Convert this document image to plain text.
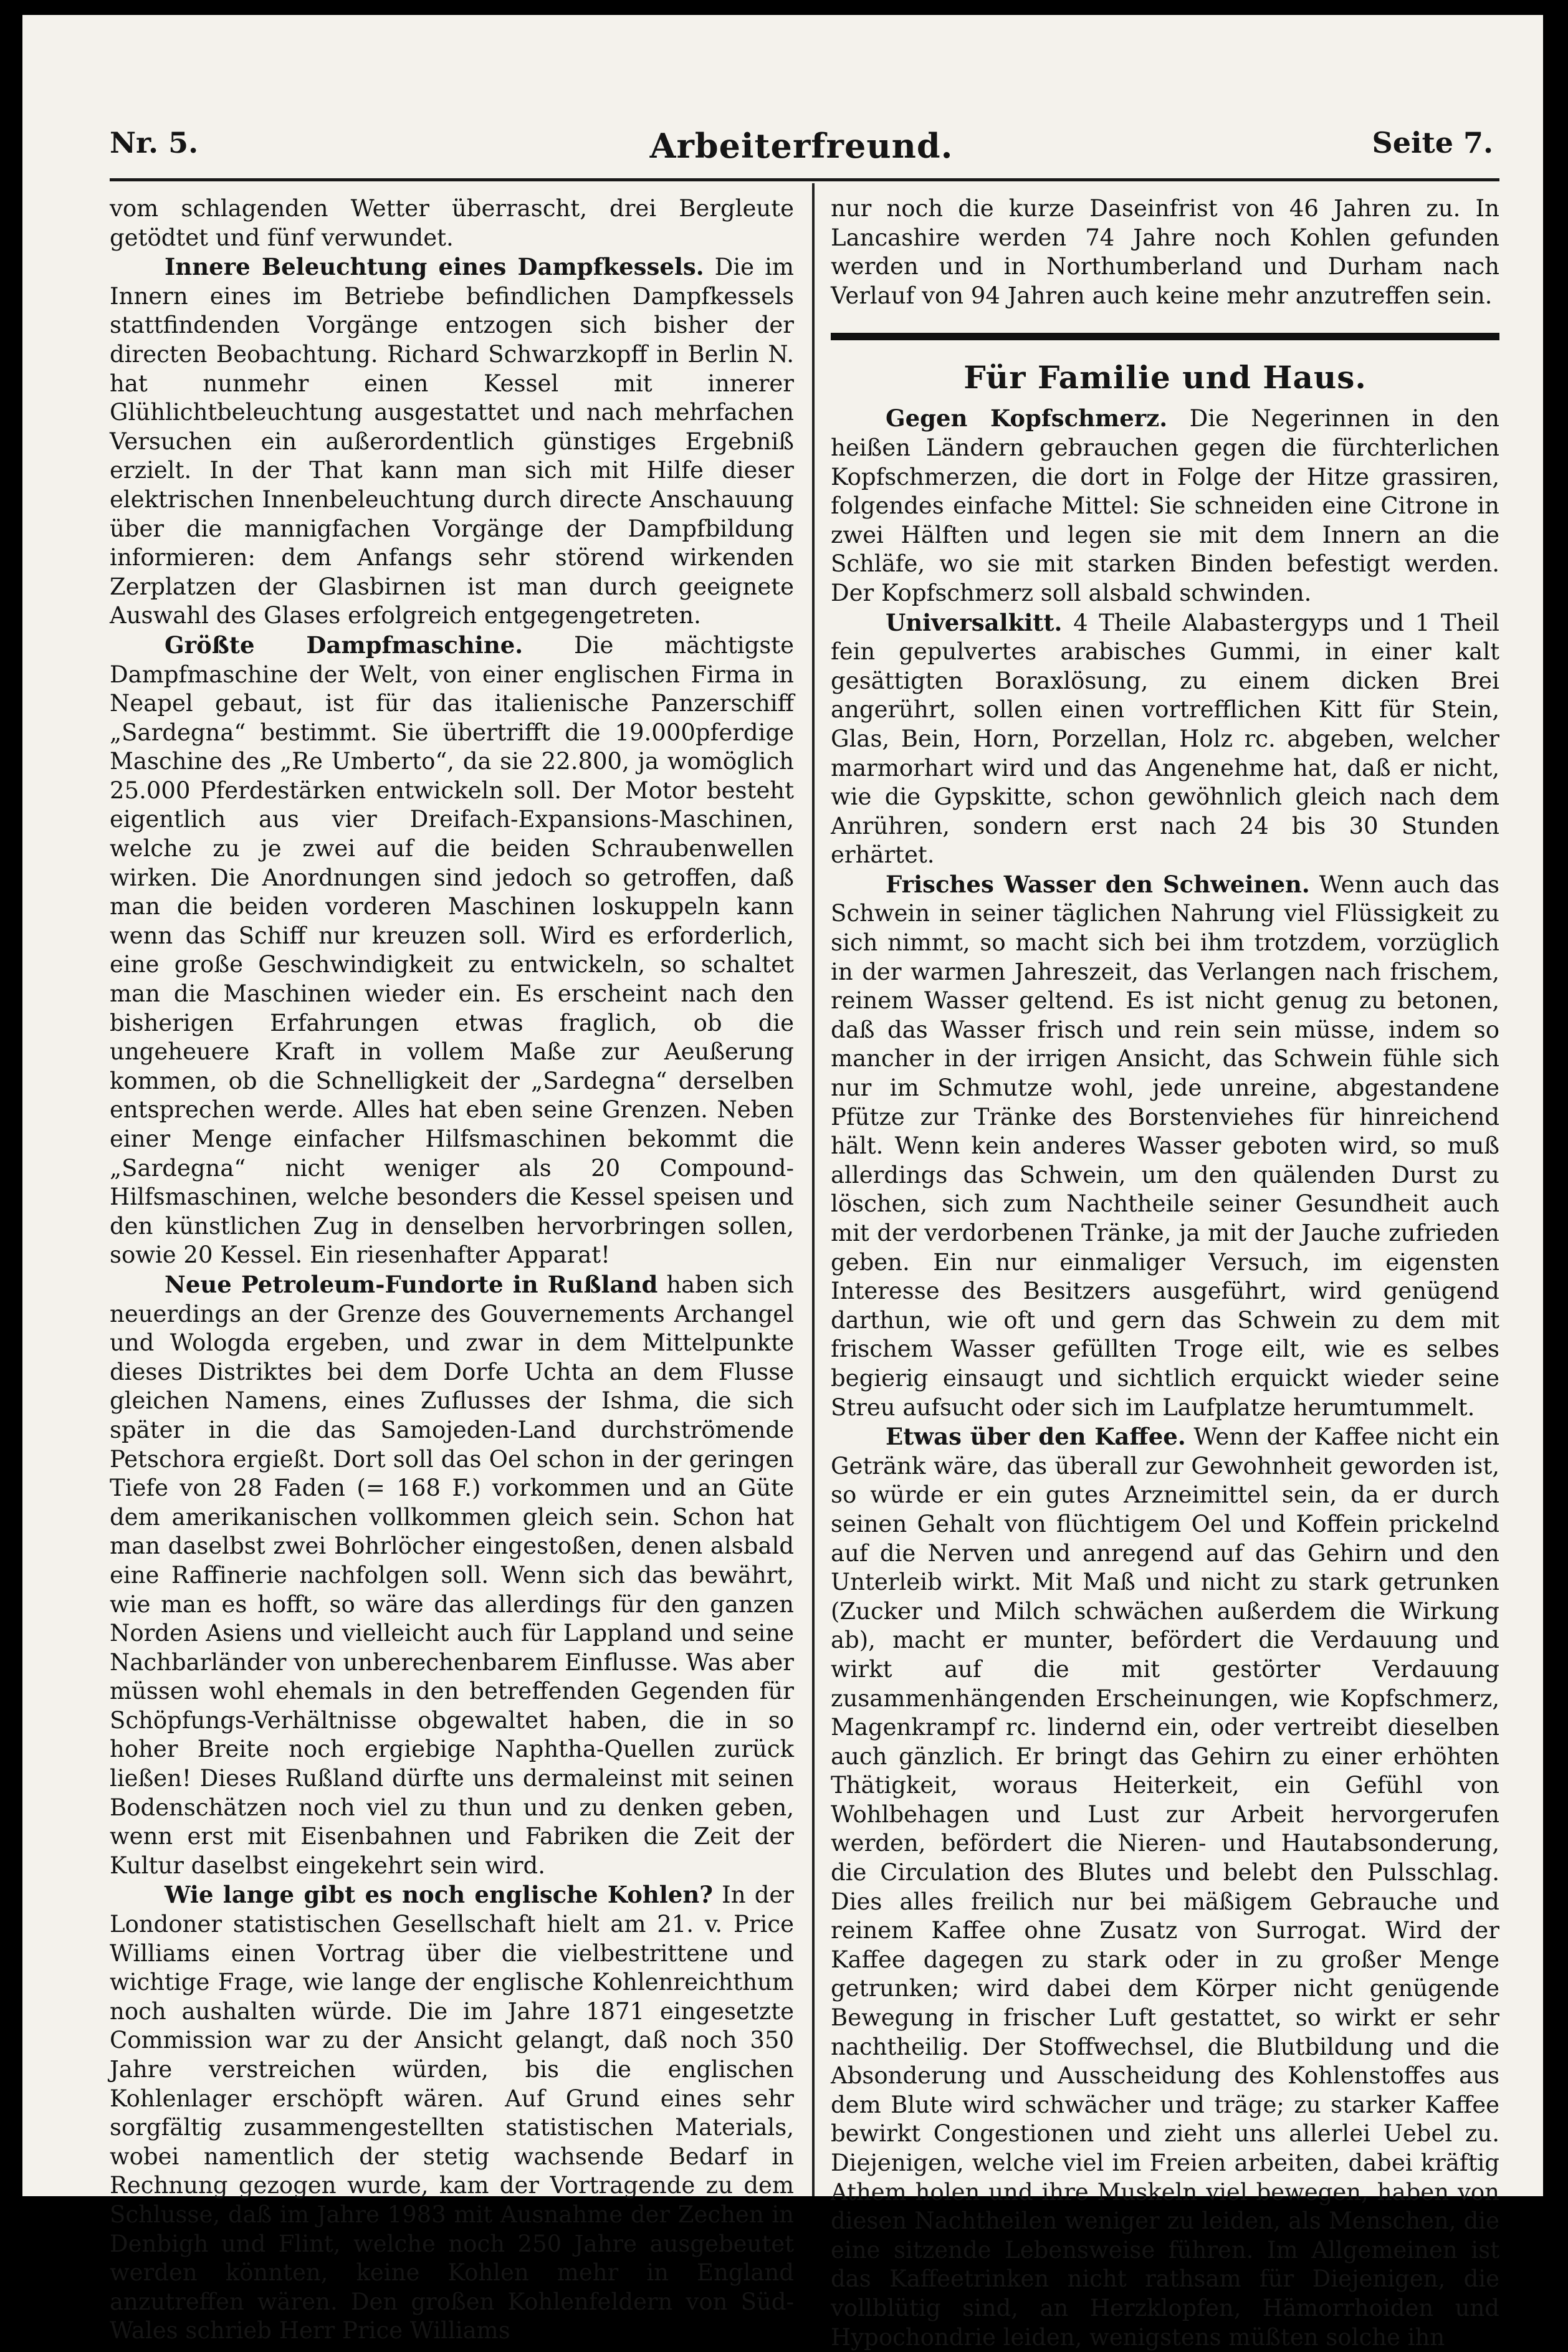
Nr. 5.	Arbeiterfreund.	Seite 7.

vom schlagenden Wetter überrascht, drei Bergleute getödtet und fünf verwundet.

Innere Beleuchtung eines Dampfkessels. Die im Innern eines im Betriebe befindlichen Dampfkessels stattfindenden Vorgänge entzogen sich bisher der directen Beobachtung. Richard Schwarzkopff in Berlin N. hat nunmehr einen Kessel mit innerer Glühlichtbeleuchtung ausgestattet und nach mehrfachen Versuchen ein außerordentlich günstiges Ergebniß erzielt. In der That kann man sich mit Hilfe dieser elektrischen Innenbeleuchtung durch directe Anschauung über die mannigfachen Vorgänge der Dampfbildung informieren: dem Anfangs sehr störend wirkenden Zerplatzen der Glasbirnen ist man durch geeignete Auswahl des Glases erfolgreich entgegengetreten.

Größte Dampfmaschine. Die mächtigste Dampfmaschine der Welt, von einer englischen Firma in Neapel gebaut, ist für das italienische Panzerschiff „Sardegna“ bestimmt. Sie übertrifft die 19.000pferdige Maschine des „Re Umberto“, da sie 22.800, ja womöglich 25.000 Pferdestärken entwickeln soll. Der Motor besteht eigentlich aus vier Dreifach-Expansions-Maschinen, welche zu je zwei auf die beiden Schraubenwellen wirken. Die Anordnungen sind jedoch so getroffen, daß man die beiden vorderen Maschinen loskuppeln kann wenn das Schiff nur kreuzen soll. Wird es erforderlich, eine große Geschwindigkeit zu entwickeln, so schaltet man die Maschinen wieder ein. Es erscheint nach den bisherigen Erfahrungen etwas fraglich, ob die ungeheuere Kraft in vollem Maße zur Aeußerung kommen, ob die Schnelligkeit der „Sardegna“ derselben entsprechen werde. Alles hat eben seine Grenzen. Neben einer Menge einfacher Hilfsmaschinen bekommt die „Sardegna“ nicht weniger als 20 Compound-Hilfsmaschinen, welche besonders die Kessel speisen und den künstlichen Zug in denselben hervorbringen sollen, sowie 20 Kessel. Ein riesenhafter Apparat!

Neue Petroleum-Fundorte in Rußland haben sich neuerdings an der Grenze des Gouvernements Archangel und Wologda ergeben, und zwar in dem Mittelpunkte dieses Distriktes bei dem Dorfe Uchta an dem Flusse gleichen Namens, eines Zuflusses der Ishma, die sich später in die das Samojeden-Land durchströmende Petschora ergießt. Dort soll das Oel schon in der geringen Tiefe von 28 Faden (= 168 F.) vorkommen und an Güte dem amerikanischen vollkommen gleich sein. Schon hat man daselbst zwei Bohrlöcher eingestoßen, denen alsbald eine Raffinerie nachfolgen soll. Wenn sich das bewährt, wie man es hofft, so wäre das allerdings für den ganzen Norden Asiens und vielleicht auch für Lappland und seine Nachbarländer von unberechenbarem Einflusse. Was aber müssen wohl ehemals in den betreffenden Gegenden für Schöpfungs-Verhältnisse obgewaltet haben, die in so hoher Breite noch ergiebige Naphtha-Quellen zurück ließen! Dieses Rußland dürfte uns dermaleinst mit seinen Bodenschätzen noch viel zu thun und zu denken geben, wenn erst mit Eisenbahnen und Fabriken die Zeit der Kultur daselbst eingekehrt sein wird.

Wie lange gibt es noch englische Kohlen? In der Londoner statistischen Gesellschaft hielt am 21. v. Price Williams einen Vortrag über die vielbestrittene und wichtige Frage, wie lange der englische Kohlenreichthum noch aushalten würde. Die im Jahre 1871 eingesetzte Commission war zu der Ansicht gelangt, daß noch 350 Jahre verstreichen würden, bis die englischen Kohlenlager erschöpft wären. Auf Grund eines sehr sorgfältig zusammengestellten statistischen Materials, wobei namentlich der stetig wachsende Bedarf in Rechnung gezogen wurde, kam der Vortragende zu dem Schlusse, daß im Jahre 1983 mit Ausnahme der Zechen in Denbigh und Flint, welche noch 250 Jahre ausgebeutet werden könnten, keine Kohlen mehr in England anzutreffen wären. Den großen Kohlenfeldern von Süd-Wales schrieb Herr Price Williams

nur noch die kurze Daseinfrist von 46 Jahren zu. In Lancashire werden 74 Jahre noch Kohlen gefunden werden und in Northumberland und Durham nach Verlauf von 94 Jahren auch keine mehr anzutreffen sein.

Für Familie und Haus.

Gegen Kopfschmerz. Die Negerinnen in den heißen Ländern gebrauchen gegen die fürchterlichen Kopfschmerzen, die dort in Folge der Hitze grassiren, folgendes einfache Mittel: Sie schneiden eine Citrone in zwei Hälften und legen sie mit dem Innern an die Schläfe, wo sie mit starken Binden befestigt werden. Der Kopfschmerz soll alsbald schwinden.

Universalkitt. 4 Theile Alabastergyps und 1 Theil fein gepulvertes arabisches Gummi, in einer kalt gesättigten Boraxlösung, zu einem dicken Brei angerührt, sollen einen vortrefflichen Kitt für Stein, Glas, Bein, Horn, Porzellan, Holz rc. abgeben, welcher marmorhart wird und das Angenehme hat, daß er nicht, wie die Gypskitte, schon gewöhnlich gleich nach dem Anrühren, sondern erst nach 24 bis 30 Stunden erhärtet.

Frisches Wasser den Schweinen. Wenn auch das Schwein in seiner täglichen Nahrung viel Flüssigkeit zu sich nimmt, so macht sich bei ihm trotzdem, vorzüglich in der warmen Jahreszeit, das Verlangen nach frischem, reinem Wasser geltend. Es ist nicht genug zu betonen, daß das Wasser frisch und rein sein müsse, indem so mancher in der irrigen Ansicht, das Schwein fühle sich nur im Schmutze wohl, jede unreine, abgestandene Pfütze zur Tränke des Borstenviehes für hinreichend hält. Wenn kein anderes Wasser geboten wird, so muß allerdings das Schwein, um den quälenden Durst zu löschen, sich zum Nachtheile seiner Gesundheit auch mit der verdorbenen Tränke, ja mit der Jauche zufrieden geben. Ein nur einmaliger Versuch, im eigensten Interesse des Besitzers ausgeführt, wird genügend darthun, wie oft und gern das Schwein zu dem mit frischem Wasser gefüllten Troge eilt, wie es selbes begierig einsaugt und sichtlich erquickt wieder seine Streu aufsucht oder sich im Laufplatze herumtummelt.

Etwas über den Kaffee. Wenn der Kaffee nicht ein Getränk wäre, das überall zur Gewohnheit geworden ist, so würde er ein gutes Arzneimittel sein, da er durch seinen Gehalt von flüchtigem Oel und Koffein prickelnd auf die Nerven und anregend auf das Gehirn und den Unterleib wirkt. Mit Maß und nicht zu stark getrunken (Zucker und Milch schwächen außerdem die Wirkung ab), macht er munter, befördert die Verdauung und wirkt auf die mit gestörter Verdauung zusammenhängenden Erscheinungen, wie Kopfschmerz, Magenkrampf rc. lindernd ein, oder vertreibt dieselben auch gänzlich. Er bringt das Gehirn zu einer erhöhten Thätigkeit, woraus Heiterkeit, ein Gefühl von Wohlbehagen und Lust zur Arbeit hervorgerufen werden, befördert die Nieren- und Hautabsonderung, die Circulation des Blutes und belebt den Pulsschlag. Dies alles freilich nur bei mäßigem Gebrauche und reinem Kaffee ohne Zusatz von Surrogat. Wird der Kaffee dagegen zu stark oder in zu großer Menge getrunken; wird dabei dem Körper nicht genügende Bewegung in frischer Luft gestattet, so wirkt er sehr nachtheilig. Der Stoffwechsel, die Blutbildung und die Absonderung und Ausscheidung des Kohlenstoffes aus dem Blute wird schwächer und träge; zu starker Kaffee bewirkt Congestionen und zieht uns allerlei Uebel zu. Diejenigen, welche viel im Freien arbeiten, dabei kräftig Athem holen und ihre Muskeln viel bewegen, haben von diesen Nachtheilen weniger zu leiden, als Menschen, die eine sitzende Lebensweise führen. Im Allgemeinen ist das Kaffeetrinken nicht rathsam für Diejenigen, die vollblütig sind, an Herzklopfen, Hämorrhoiden und Hypochondrie leiden, wenigstens müßten solche ihn
